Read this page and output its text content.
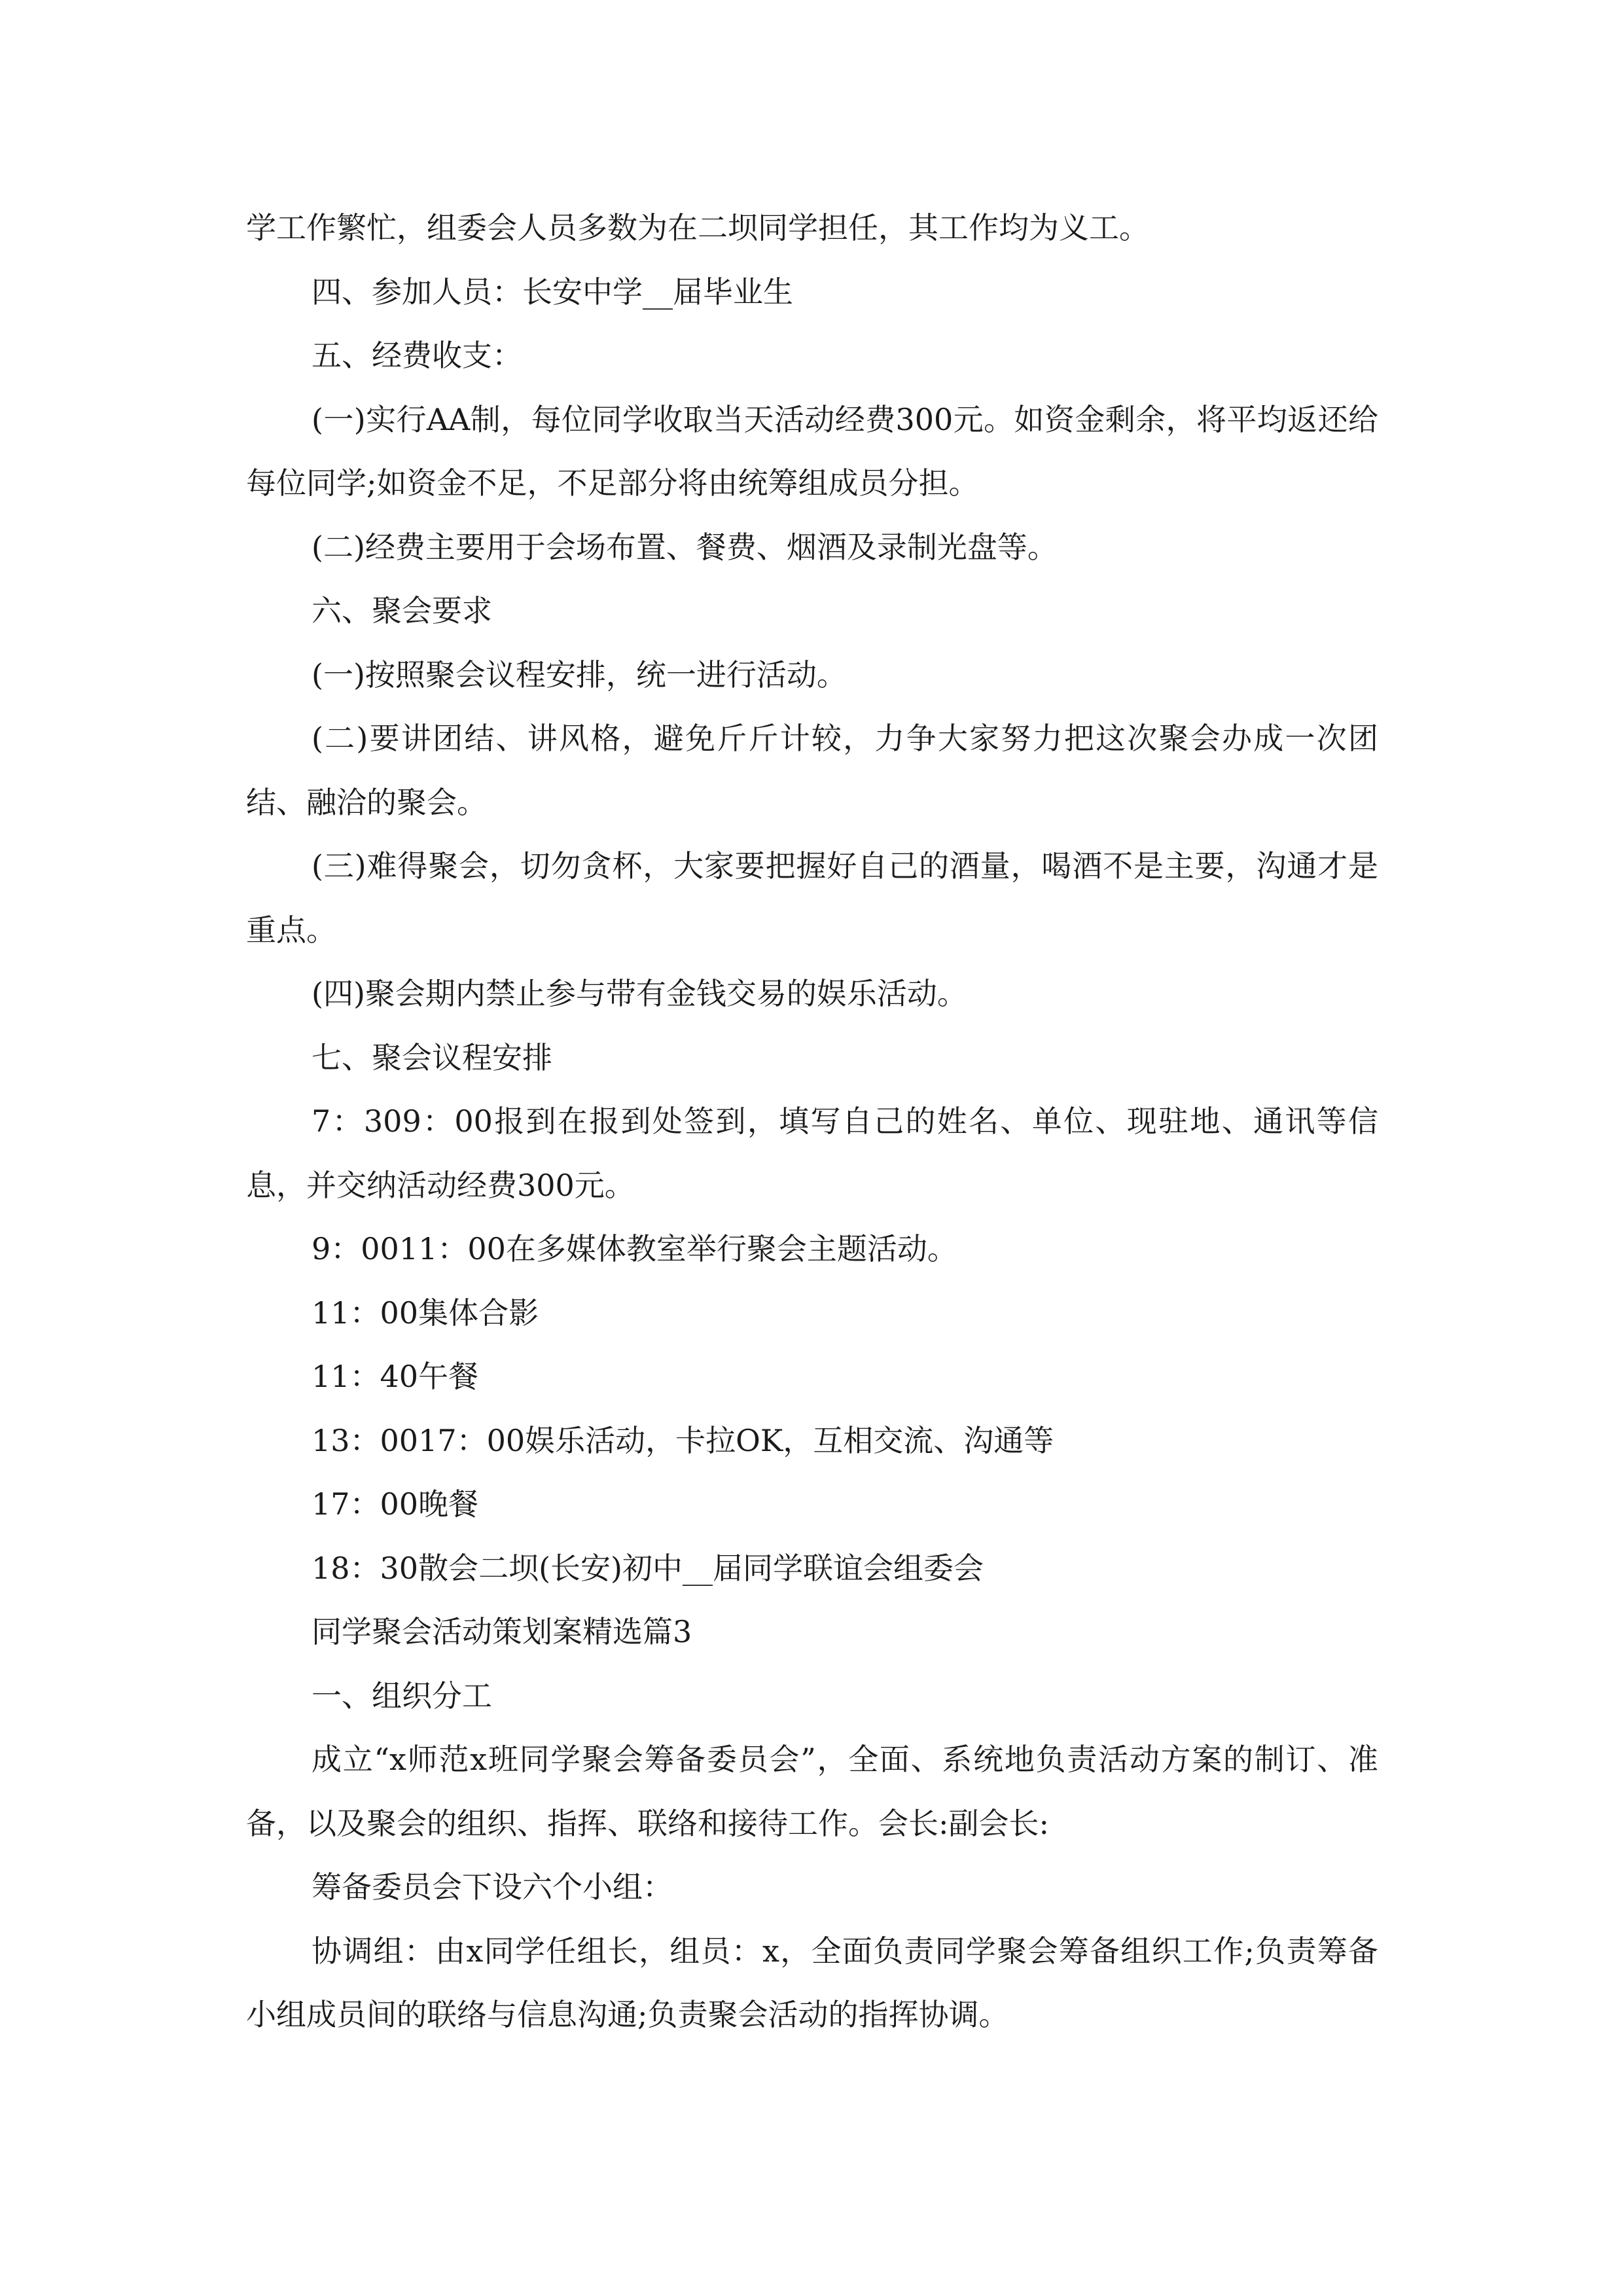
学工作繁忙，组委会人员多数为在二坝同学担任，其工作均为义工。

四、参加人员：长安中学__届毕业生

五、经费收支：

(一)实行AA制，每位同学收取当天活动经费300元。如资金剩余，将平均返还给每位同学;如资金不足，不足部分将由统筹组成员分担。

(二)经费主要用于会场布置、餐费、烟酒及录制光盘等。

六、聚会要求

(一)按照聚会议程安排，统一进行活动。

(二)要讲团结、讲风格，避免斤斤计较，力争大家努力把这次聚会办成一次团结、融洽的聚会。

(三)难得聚会，切勿贪杯，大家要把握好自己的酒量，喝酒不是主要，沟通才是重点。

(四)聚会期内禁止参与带有金钱交易的娱乐活动。

七、聚会议程安排

7：309：00报到在报到处签到，填写自己的姓名、单位、现驻地、通讯等信息，并交纳活动经费300元。

9：0011：00在多媒体教室举行聚会主题活动。

11：00集体合影

11：40午餐

13：0017：00娱乐活动，卡拉OK，互相交流、沟通等

17：00晚餐

18：30散会二坝(长安)初中__届同学联谊会组委会

同学聚会活动策划案精选篇3

一、组织分工

成立“x师范x班同学聚会筹备委员会”，全面、系统地负责活动方案的制订、准备，以及聚会的组织、指挥、联络和接待工作。会长:副会长:

筹备委员会下设六个小组：

协调组：由x同学任组长，组员：x，全面负责同学聚会筹备组织工作;负责筹备小组成员间的联络与信息沟通;负责聚会活动的指挥协调。
